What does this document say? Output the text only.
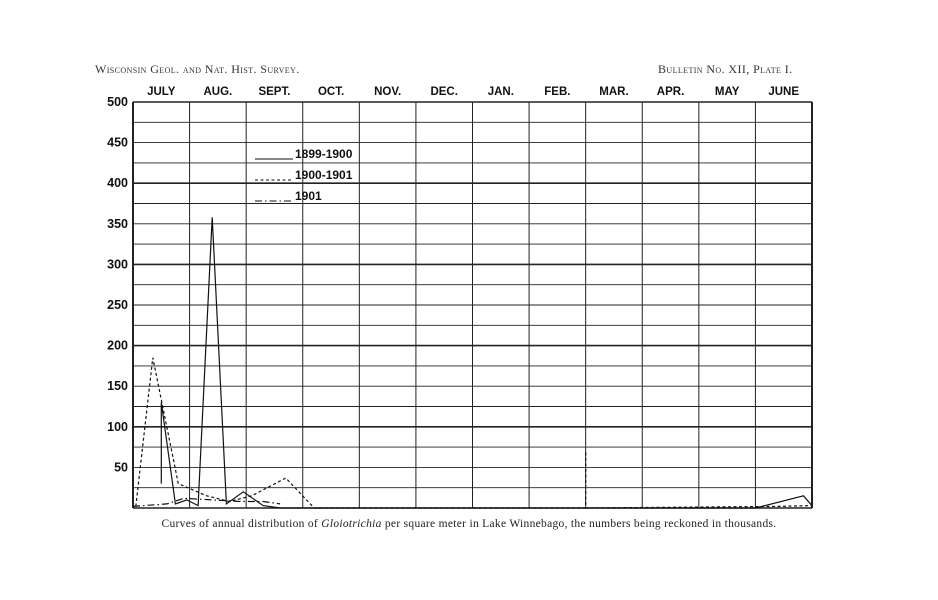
Wisconsin Geol. and Nat. Hist. Survey.	Bulletin No. XII, Plate I.
JULY AUG. SEPT. OCT.	NOV.	DEC.	JAN.	FEB.	MAR. APR.	MAY	JUNE
50
100
150
200
250
300
350
400
450
500
1899-1900
1900-1901
1901
Curves of annual distribution of Gloiotrichia per square meter in Lake Winnebago, the numbers being reckoned in thousands.
